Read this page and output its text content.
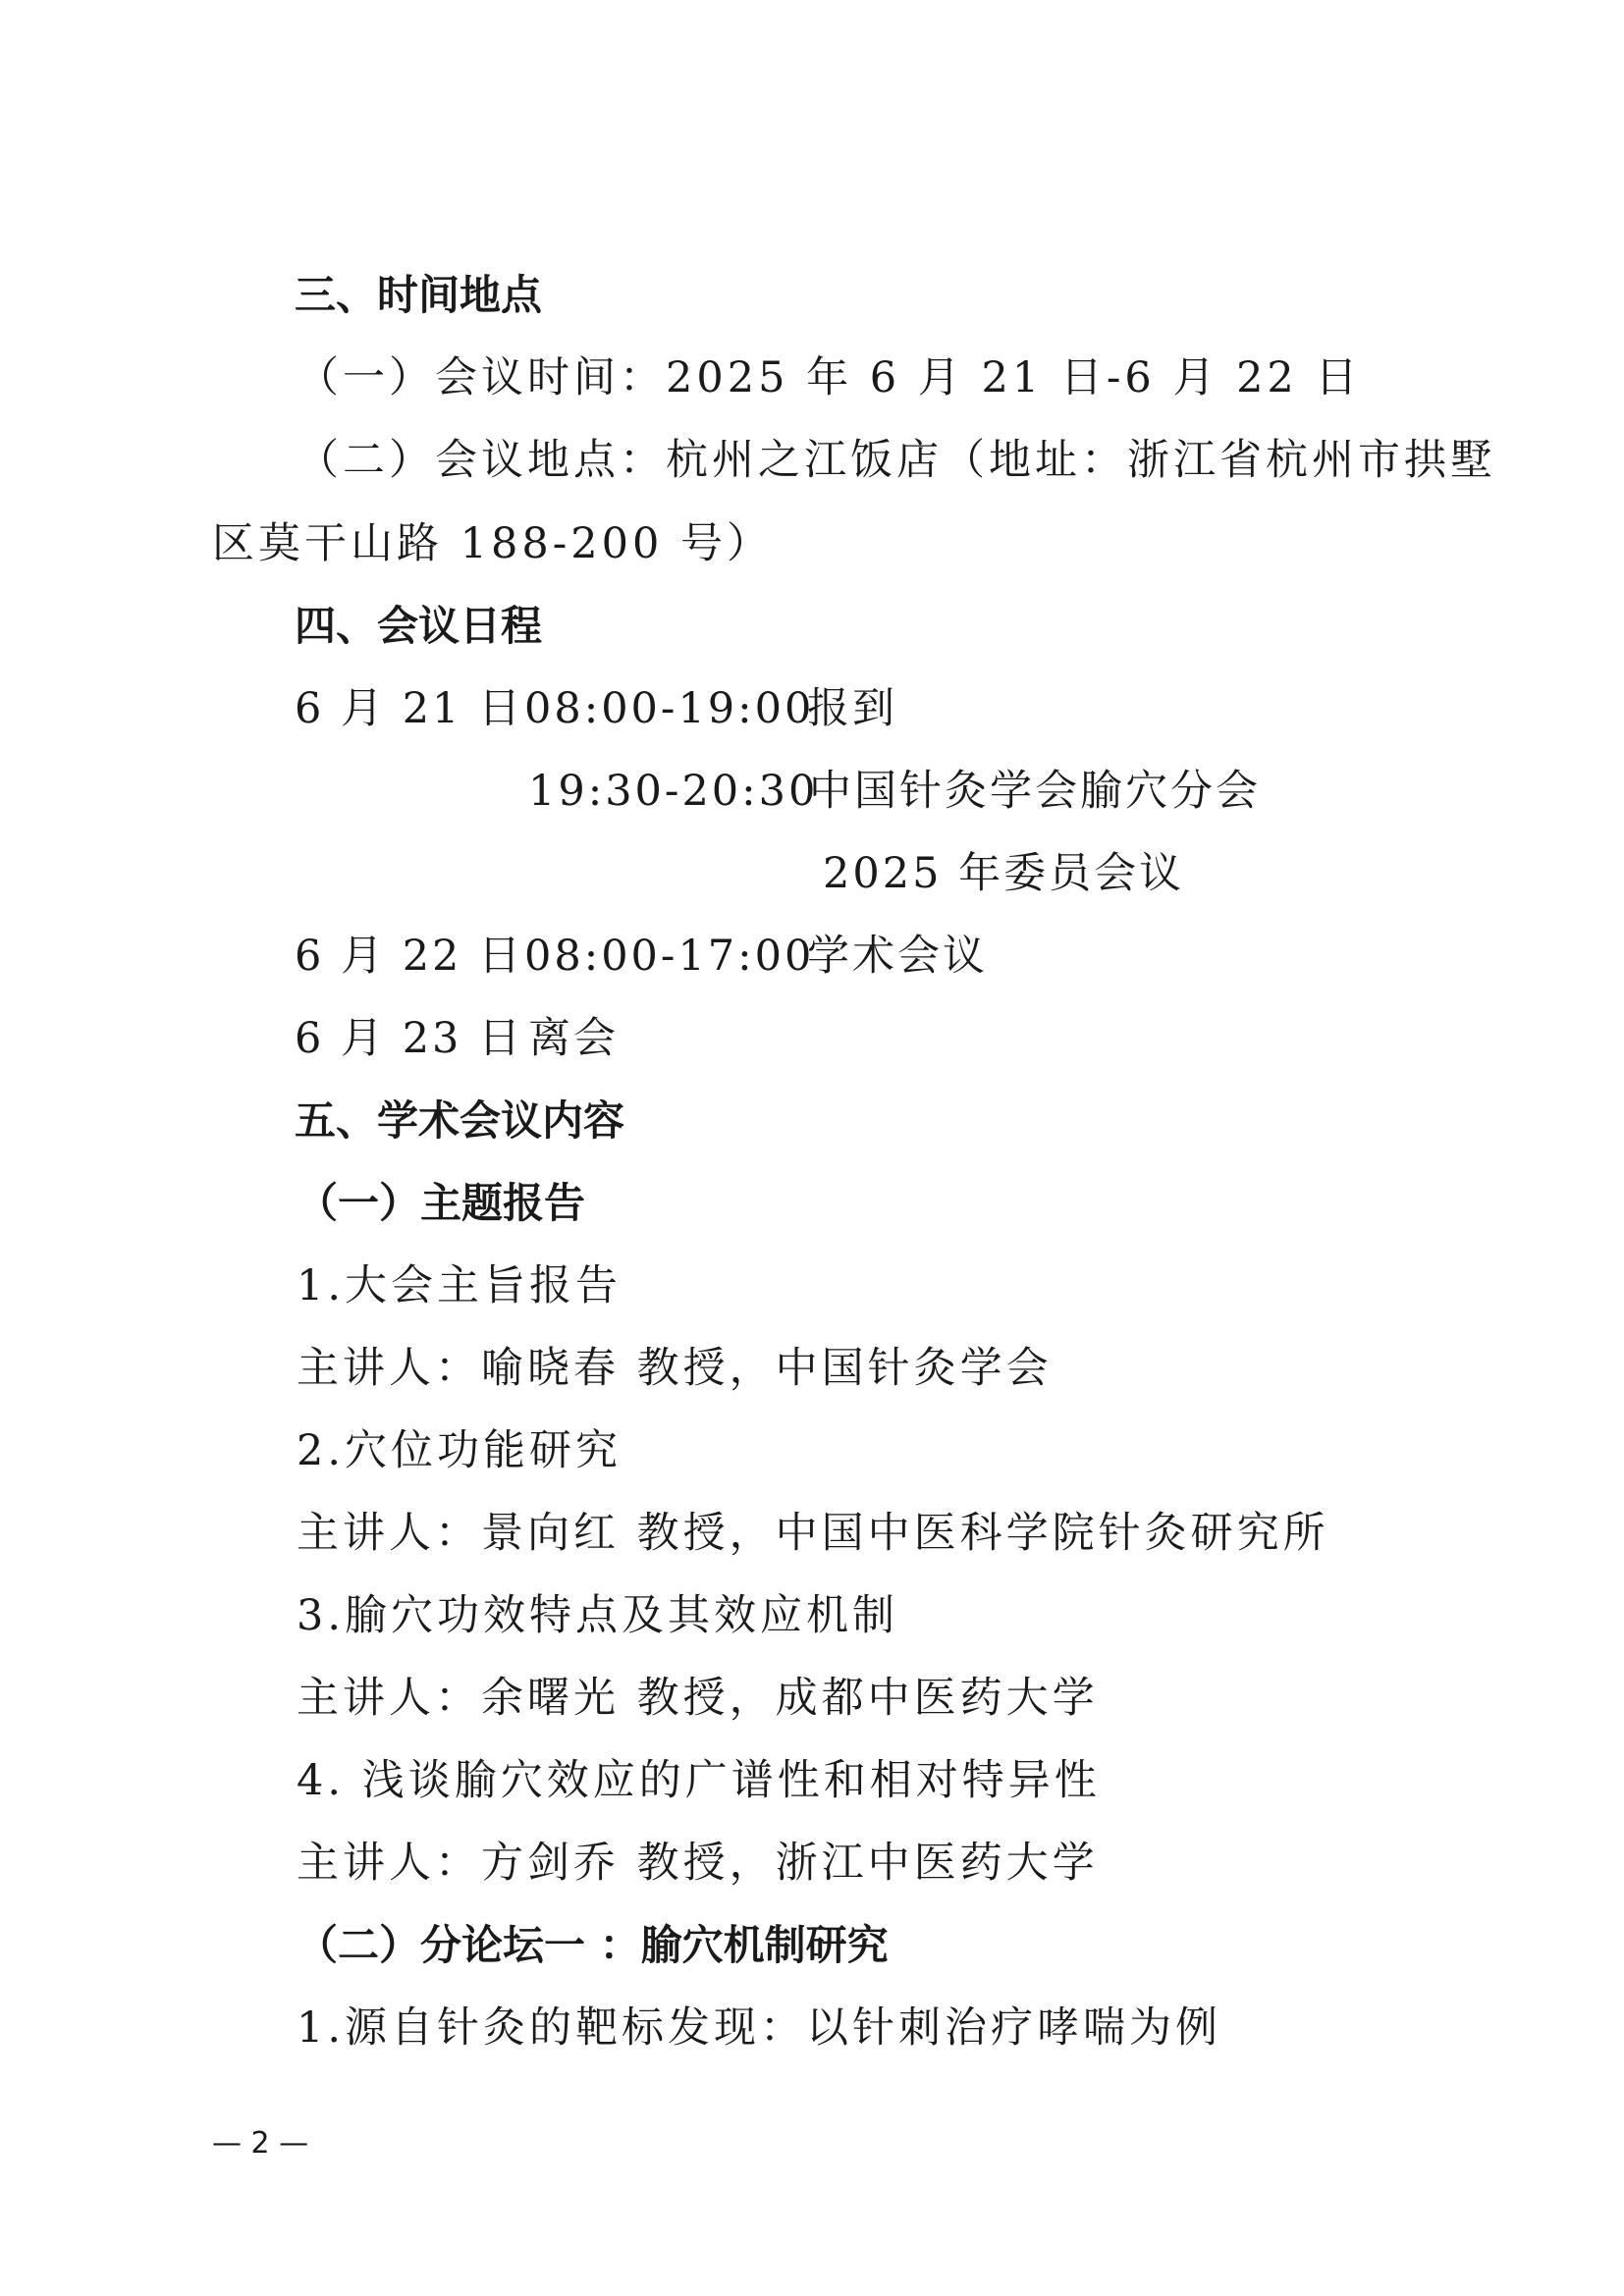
三、时间地点
（一）会议时间：2025 年 6 月 21 日-6 月 22 日
（二）会议地点：杭州之江饭店（地址：浙江省杭州市拱墅
区莫干山路 188-200 号）
四、会议日程
6 月 21 日 08:00-19:00
报到
19:30-20:30
中国针灸学会腧穴分会
2025 年委员会议
6 月 22 日 08:00-17:00
学术会议
6 月 23 日 离会
五、学术会议内容
（一）主题报告
1.大会主旨报告
主讲人：喻晓春 教授，中国针灸学会
2.穴位功能研究
主讲人：景向红 教授，中国中医科学院针灸研究所
3.腧穴功效特点及其效应机制
主讲人：余曙光 教授，成都中医药大学
4. 浅谈腧穴效应的广谱性和相对特异性
主讲人：方剑乔 教授，浙江中医药大学
（二）分论坛一 ：腧穴机制研究
1.源自针灸的靶标发现：以针刺治疗哮喘为例
— 2 —
